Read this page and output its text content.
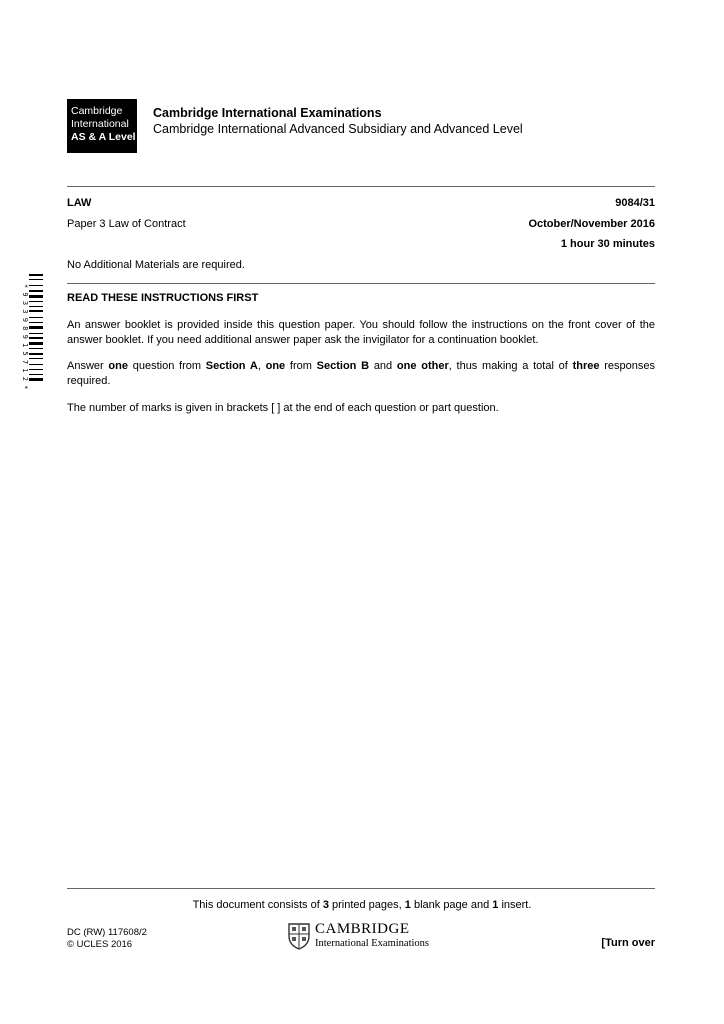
Cambridge
International
AS & A Level
Cambridge International Examinations
Cambridge International Advanced Subsidiary and Advanced Level
LAW	9084/31
Paper 3 Law of Contract	October/November 2016
1 hour 30 minutes
No Additional Materials are required.
* 9 3 3 9 8 9 1 5 7 1 2 *	READ THESE INSTRUCTIONS FIRST
An answer booklet is provided inside this question paper. You should follow the instructions on the front cover of the answer booklet. If you need additional answer paper ask the invigilator for a continuation booklet.
Answer one question from Section A, one from Section B and one other, thus making a total of three responses required.
The number of marks is given in brackets [ ] at the end of each question or part question.
This document consists of 3 printed pages, 1 blank page and 1 insert.
DC (RW) 117608/2
© UCLES 2016
CAMBRIDGE
International Examinations	[Turn over
